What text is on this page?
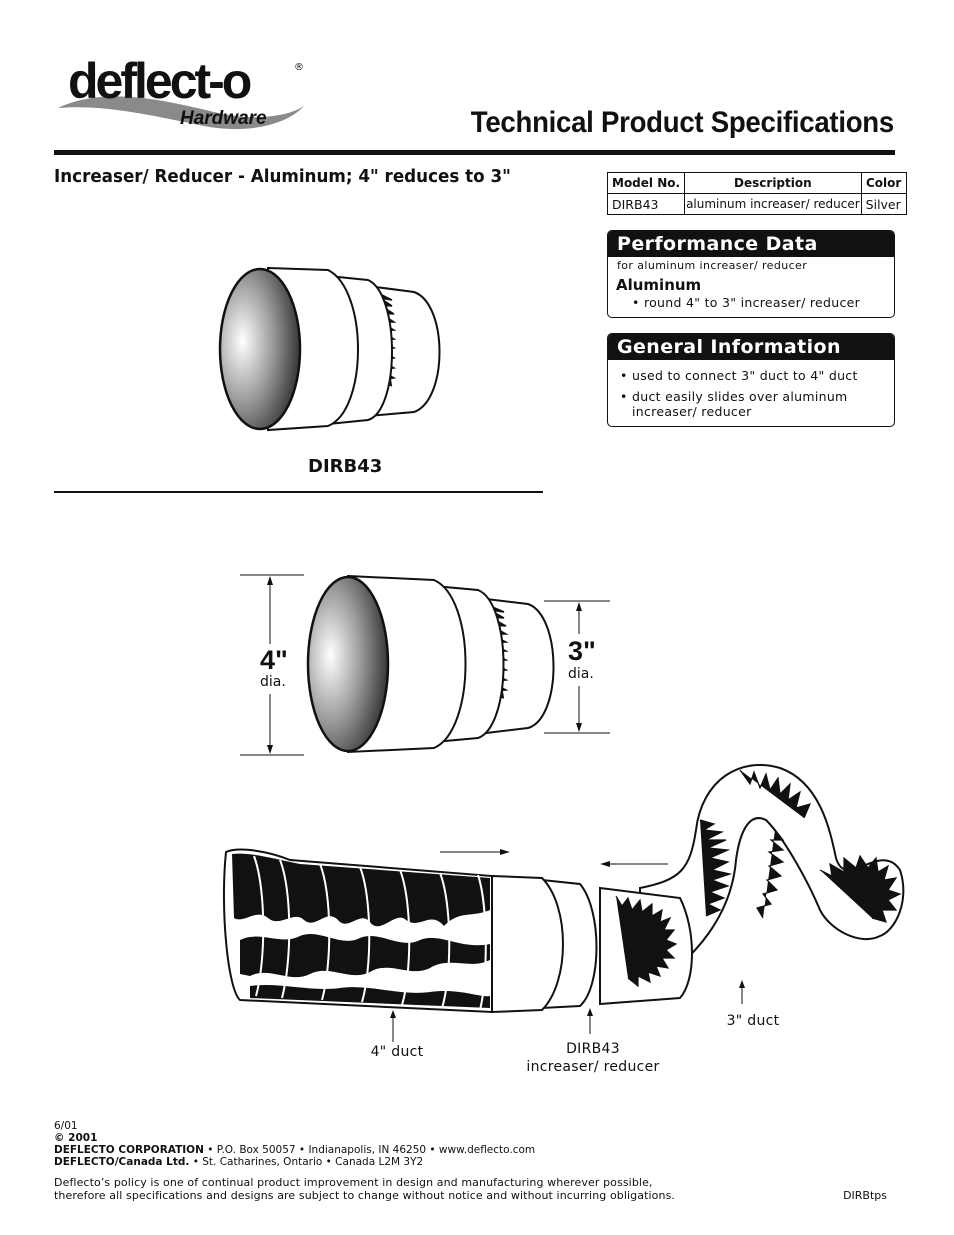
deflect-o	®
Hardware	Technical Product Specifications
Increaser/ Reducer - Aluminum; 4" reduces to 3"	Model No.	Description	Color
DIRB43	aluminum increaser/ reducer	Silver
Performance Data
for aluminum increaser/ reducer
Aluminum
• round 4" to 3" increaser/ reducer
General Information
• used to connect 3" duct to 4" duct
• duct easily slides over aluminum increaser/ reducer
DIRB43
4"
dia.
3"
dia.
4" duct	DIRB43
increaser/ reducer
3" duct
6/01
© 2001
DEFLECTO CORPORATION • P.O. Box 50057 • Indianapolis, IN 46250 • www.deflecto.com
DEFLECTO/Canada Ltd. • St. Catharines, Ontario • Canada L2M 3Y2
Deflecto’s policy is one of continual product improvement in design and manufacturing wherever possible,
therefore all specifications and designs are subject to change without notice and without incurring obligations.	DIRBtps
